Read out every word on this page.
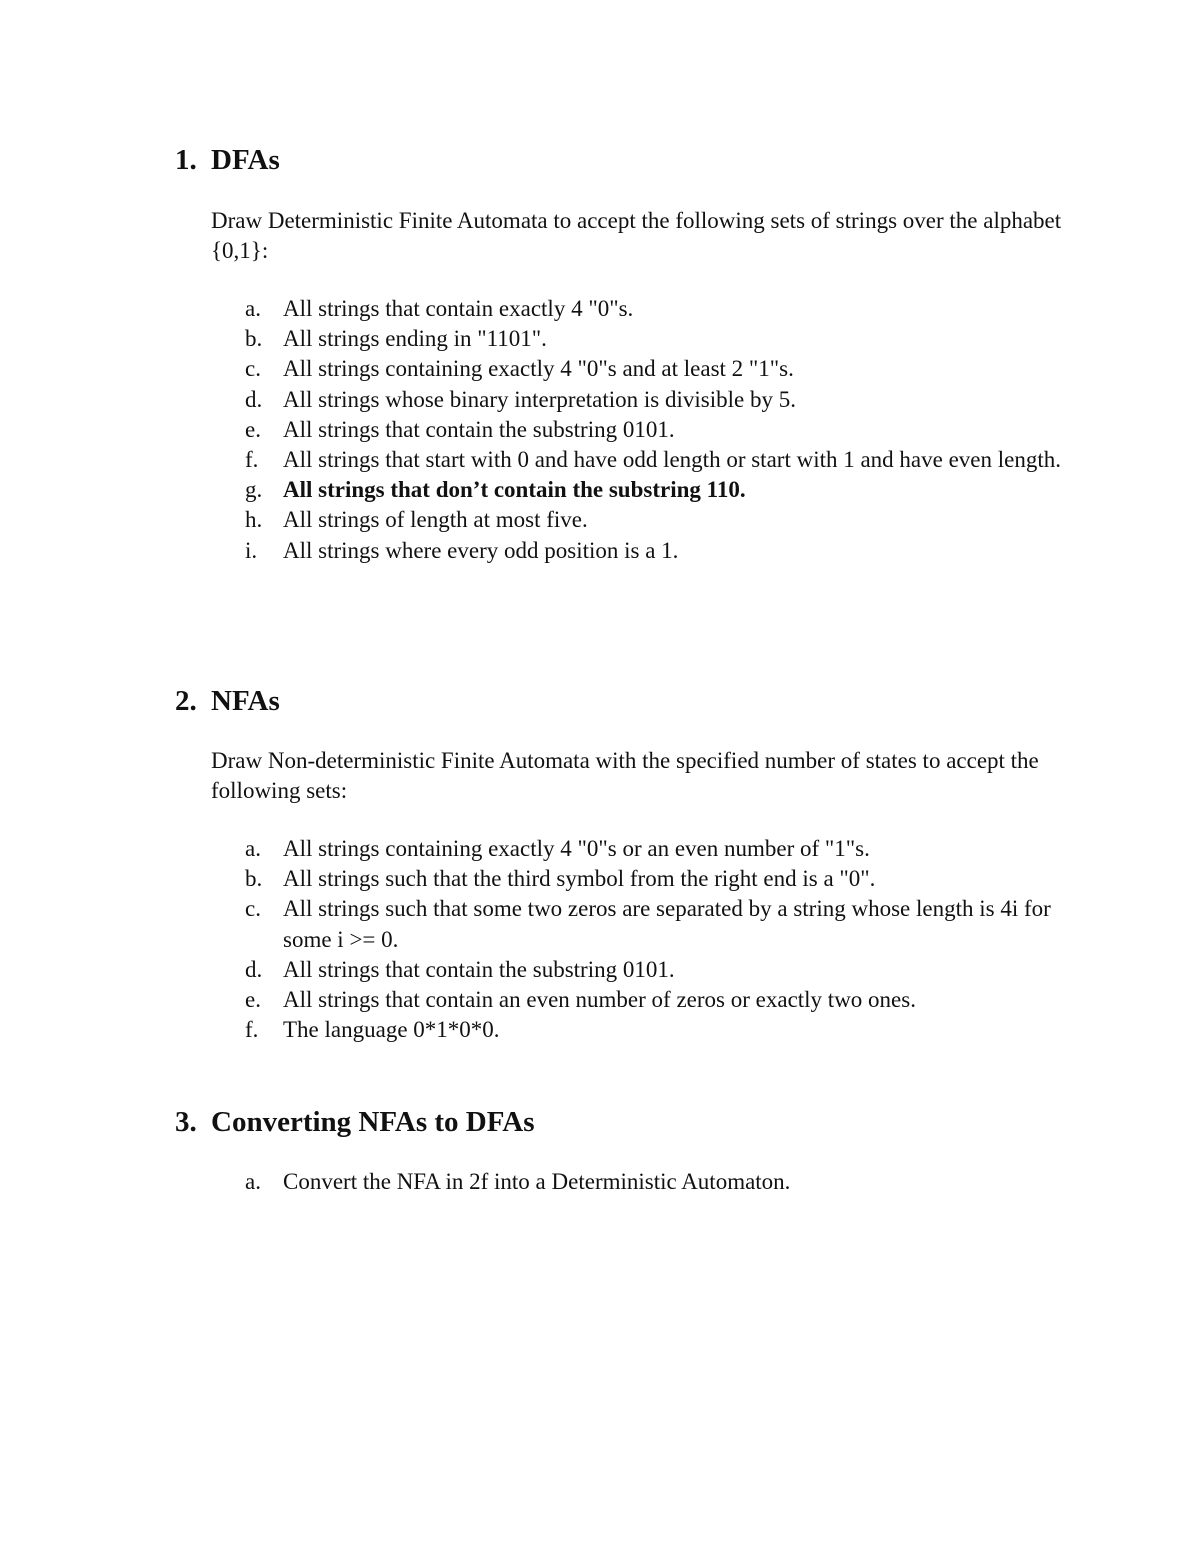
1. DFAs
Draw Deterministic Finite Automata to accept the following sets of strings over the alphabet {0,1}:
a. All strings that contain exactly 4 "0"s.
b. All strings ending in "1101".
c. All strings containing exactly 4 "0"s and at least 2 "1"s.
d. All strings whose binary interpretation is divisible by 5.
e. All strings that contain the substring 0101.
f. All strings that start with 0 and have odd length or start with 1 and have even length.
g. All strings that don’t contain the substring 110.
h. All strings of length at most five.
i. All strings where every odd position is a 1.
2. NFAs
Draw Non-deterministic Finite Automata with the specified number of states to accept the following sets:
a. All strings containing exactly 4 "0"s or an even number of "1"s.
b. All strings such that the third symbol from the right end is a "0".
c. All strings such that some two zeros are separated by a string whose length is 4i for some i >= 0.
d. All strings that contain the substring 0101.
e. All strings that contain an even number of zeros or exactly two ones.
f. The language 0*1*0*0.
3. Converting NFAs to DFAs
a. Convert the NFA in 2f into a Deterministic Automaton.
